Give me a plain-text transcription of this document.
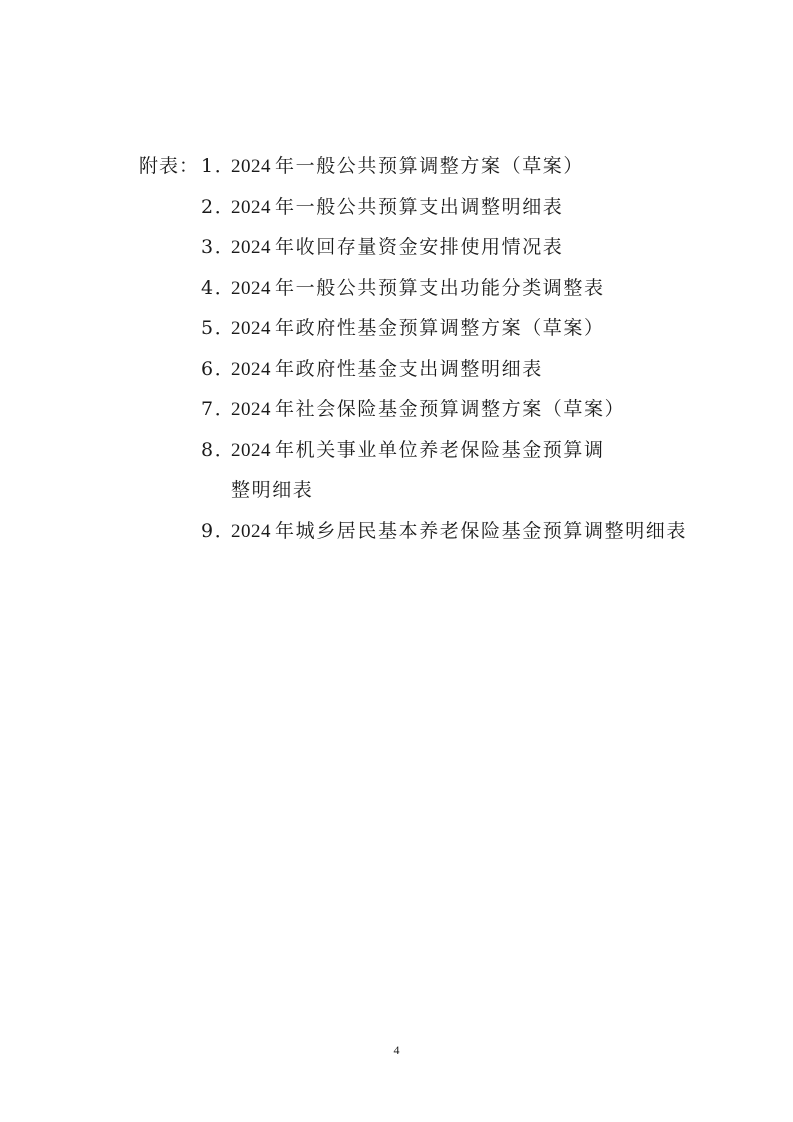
附表： 1．
2024 年一般公共预算调整方案（草案）
2．
2024 年一般公共预算支出调整明细表
3．
2024 年收回存量资金安排使用情况表
4．
2024 年一般公共预算支出功能分类调整表
5．
2024 年政府性基金预算调整方案（草案）
6．
2024 年政府性基金支出调整明细表
7．
2024 年社会保险基金预算调整方案（草案）
8．
2024 年机关事业单位养老保险基金预算调
整明细表
9．
2024 年城乡居民基本养老保险基金预算调整明细表
4
